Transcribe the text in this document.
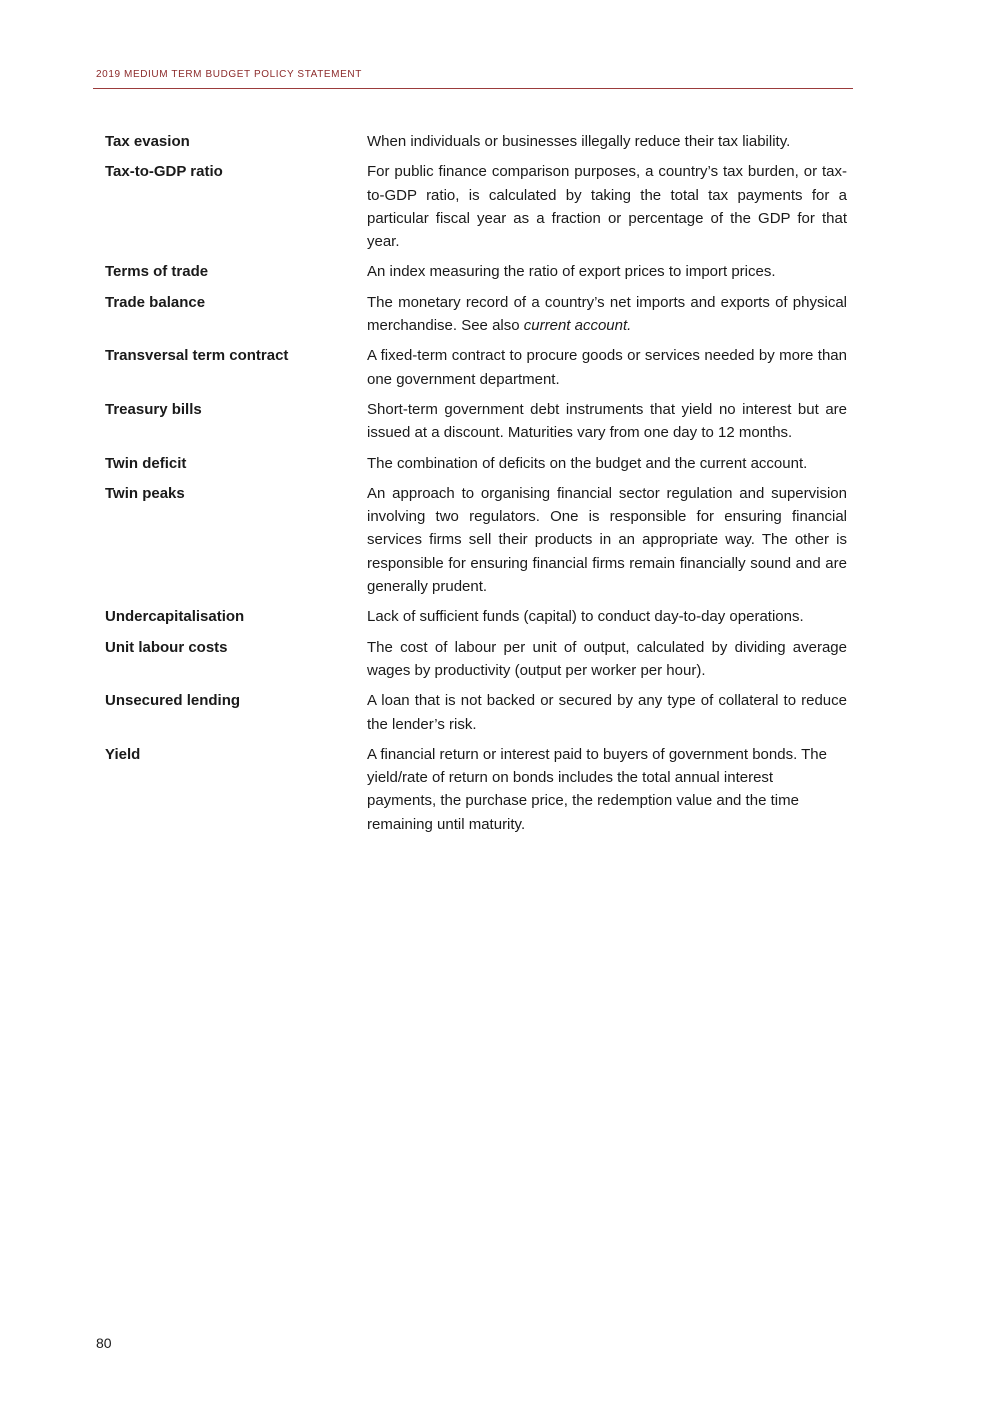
2019 MEDIUM TERM BUDGET POLICY STATEMENT
Tax evasion	When individuals or businesses illegally reduce their tax liability.
Tax-to-GDP ratio	For public finance comparison purposes, a country’s tax burden, or tax-to-GDP ratio, is calculated by taking the total tax payments for a particular fiscal year as a fraction or percentage of the GDP for that year.
Terms of trade	An index measuring the ratio of export prices to import prices.
Trade balance	The monetary record of a country’s net imports and exports of physical merchandise. See also current account.
Transversal term contract	A fixed-term contract to procure goods or services needed by more than one government department.
Treasury bills	Short-term government debt instruments that yield no interest but are issued at a discount. Maturities vary from one day to 12 months.
Twin deficit	The combination of deficits on the budget and the current account.
Twin peaks	An approach to organising financial sector regulation and supervision involving two regulators. One is responsible for ensuring financial services firms sell their products in an appropriate way. The other is responsible for ensuring financial firms remain financially sound and are generally prudent.
Undercapitalisation	Lack of sufficient funds (capital) to conduct day-to-day operations.
Unit labour costs	The cost of labour per unit of output, calculated by dividing average wages by productivity (output per worker per hour).
Unsecured lending	A loan that is not backed or secured by any type of collateral to reduce the lender’s risk.
Yield	A financial return or interest paid to buyers of government bonds. The yield/rate of return on bonds includes the total annual interest payments, the purchase price, the redemption value and the time remaining until maturity.
80
